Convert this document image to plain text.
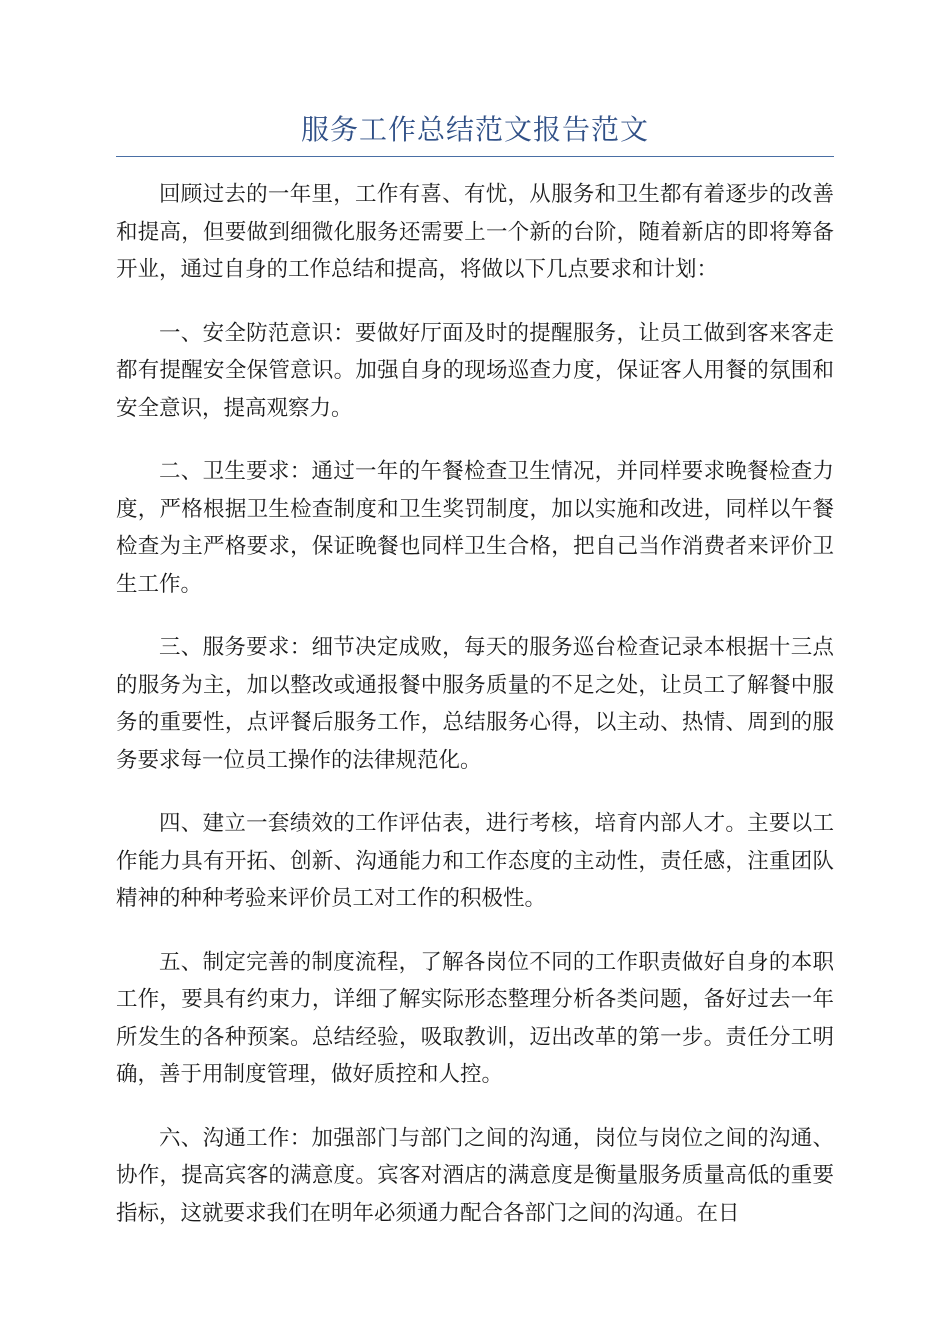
服务工作总结范文报告范文

回顾过去的一年里，工作有喜、有忧，从服务和卫生都有着逐步的改善和提高，但要做到细微化服务还需要上一个新的台阶，随着新店的即将筹备开业，通过自身的工作总结和提高，将做以下几点要求和计划：

一、安全防范意识：要做好厅面及时的提醒服务，让员工做到客来客走都有提醒安全保管意识。加强自身的现场巡查力度，保证客人用餐的氛围和安全意识，提高观察力。

二、卫生要求：通过一年的午餐检查卫生情况，并同样要求晚餐检查力度，严格根据卫生检查制度和卫生奖罚制度，加以实施和改进，同样以午餐检查为主严格要求，保证晚餐也同样卫生合格，把自己当作消费者来评价卫生工作。

三、服务要求：细节决定成败，每天的服务巡台检查记录本根据十三点的服务为主，加以整改或通报餐中服务质量的不足之处，让员工了解餐中服务的重要性，点评餐后服务工作，总结服务心得，以主动、热情、周到的服务要求每一位员工操作的法律规范化。

四、建立一套绩效的工作评估表，进行考核，培育内部人才。主要以工作能力具有开拓、创新、沟通能力和工作态度的主动性，责任感，注重团队精神的种种考验来评价员工对工作的积极性。

五、制定完善的制度流程，了解各岗位不同的工作职责做好自身的本职工作，要具有约束力，详细了解实际形态整理分析各类问题，备好过去一年所发生的各种预案。总结经验，吸取教训，迈出改革的第一步。责任分工明确，善于用制度管理，做好质控和人控。

六、沟通工作：加强部门与部门之间的沟通，岗位与岗位之间的沟通、协作，提高宾客的满意度。宾客对酒店的满意度是衡量服务质量高低的重要指标，这就要求我们在明年必须通力配合各部门之间的沟通。在日
